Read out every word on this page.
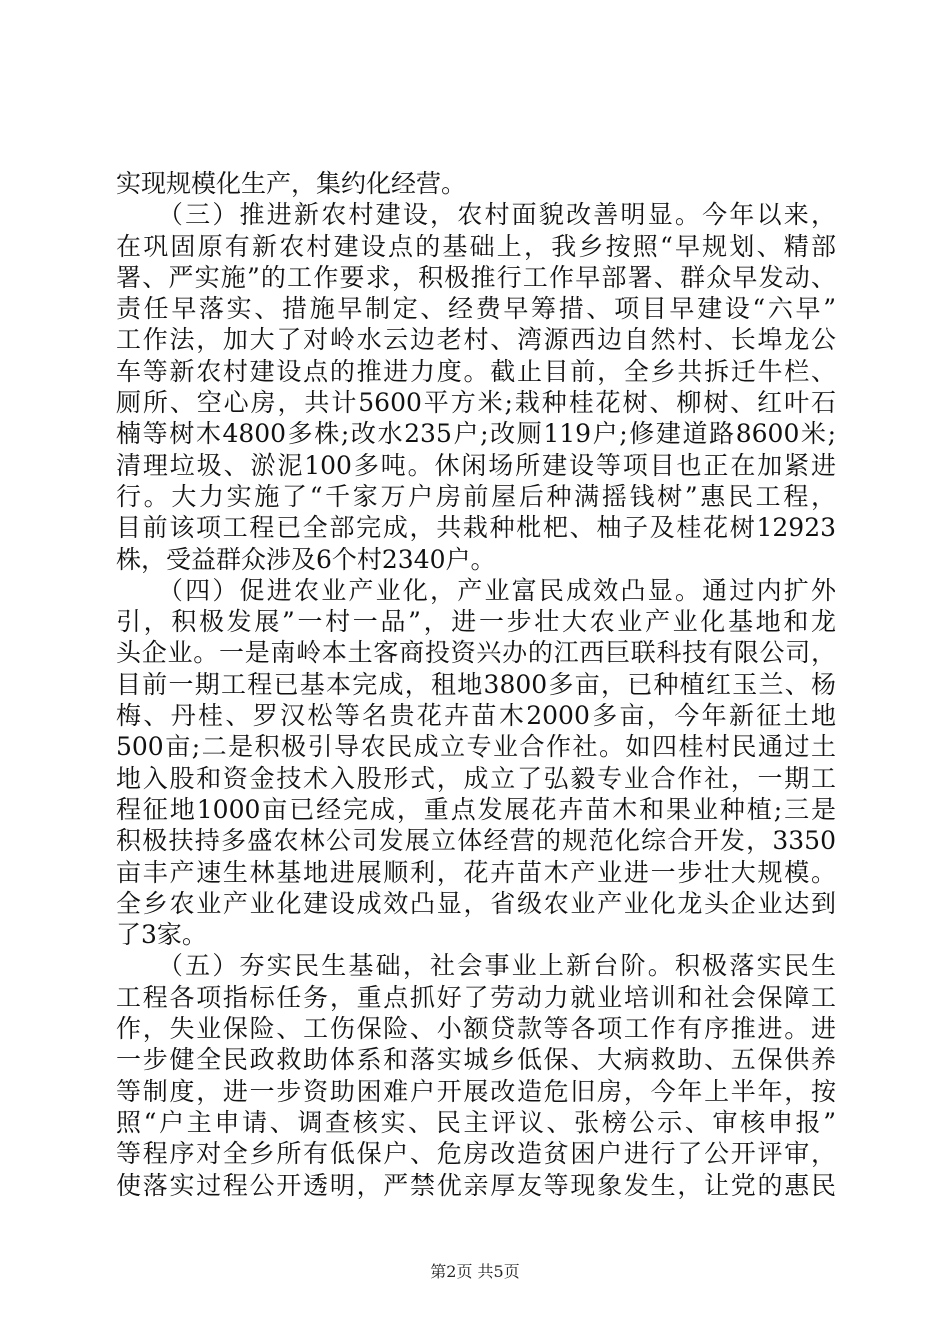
实现规模化生产，集约化经营。
　　（三）推进新农村建设，农村面貌改善明显。今年以来，
在巩固原有新农村建设点的基础上，我乡按照“早规划、精部
署、严实施”的工作要求，积极推行工作早部署、群众早发动、
责任早落实、措施早制定、经费早筹措、项目早建设“六早”
工作法，加大了对岭水云边老村、湾源西边自然村、长埠龙公
车等新农村建设点的推进力度。截止目前，全乡共拆迁牛栏、
厕所、空心房，共计5600平方米;栽种桂花树、柳树、红叶石
楠等树木4800多株;改水235户;改厕119户;修建道路8600米;
清理垃圾、淤泥100多吨。休闲场所建设等项目也正在加紧进
行。大力实施了“千家万户房前屋后种满摇钱树”惠民工程，
目前该项工程已全部完成，共栽种枇杷、柚子及桂花树12923
株，受益群众涉及6个村2340户。
　　（四）促进农业产业化，产业富民成效凸显。通过内扩外
引，积极发展”一村一品”，进一步壮大农业产业化基地和龙
头企业。一是南岭本土客商投资兴办的江西巨联科技有限公司，
目前一期工程已基本完成，租地3800多亩，已种植红玉兰、杨
梅、丹桂、罗汉松等名贵花卉苗木2000多亩，今年新征土地
500亩;二是积极引导农民成立专业合作社。如四桂村民通过土
地入股和资金技术入股形式，成立了弘毅专业合作社，一期工
程征地1000亩已经完成，重点发展花卉苗木和果业种植;三是
积极扶持多盛农林公司发展立体经营的规范化综合开发，3350
亩丰产速生林基地进展顺利，花卉苗木产业进一步壮大规模。
全乡农业产业化建设成效凸显，省级农业产业化龙头企业达到
了3家。
　　（五）夯实民生基础，社会事业上新台阶。积极落实民生
工程各项指标任务，重点抓好了劳动力就业培训和社会保障工
作，失业保险、工伤保险、小额贷款等各项工作有序推进。进
一步健全民政救助体系和落实城乡低保、大病救助、五保供养
等制度，进一步资助困难户开展改造危旧房，今年上半年，按
照“户主申请、调查核实、民主评议、张榜公示、审核申报”
等程序对全乡所有低保户、危房改造贫困户进行了公开评审，
使落实过程公开透明，严禁优亲厚友等现象发生，让党的惠民
第2页 共5页
